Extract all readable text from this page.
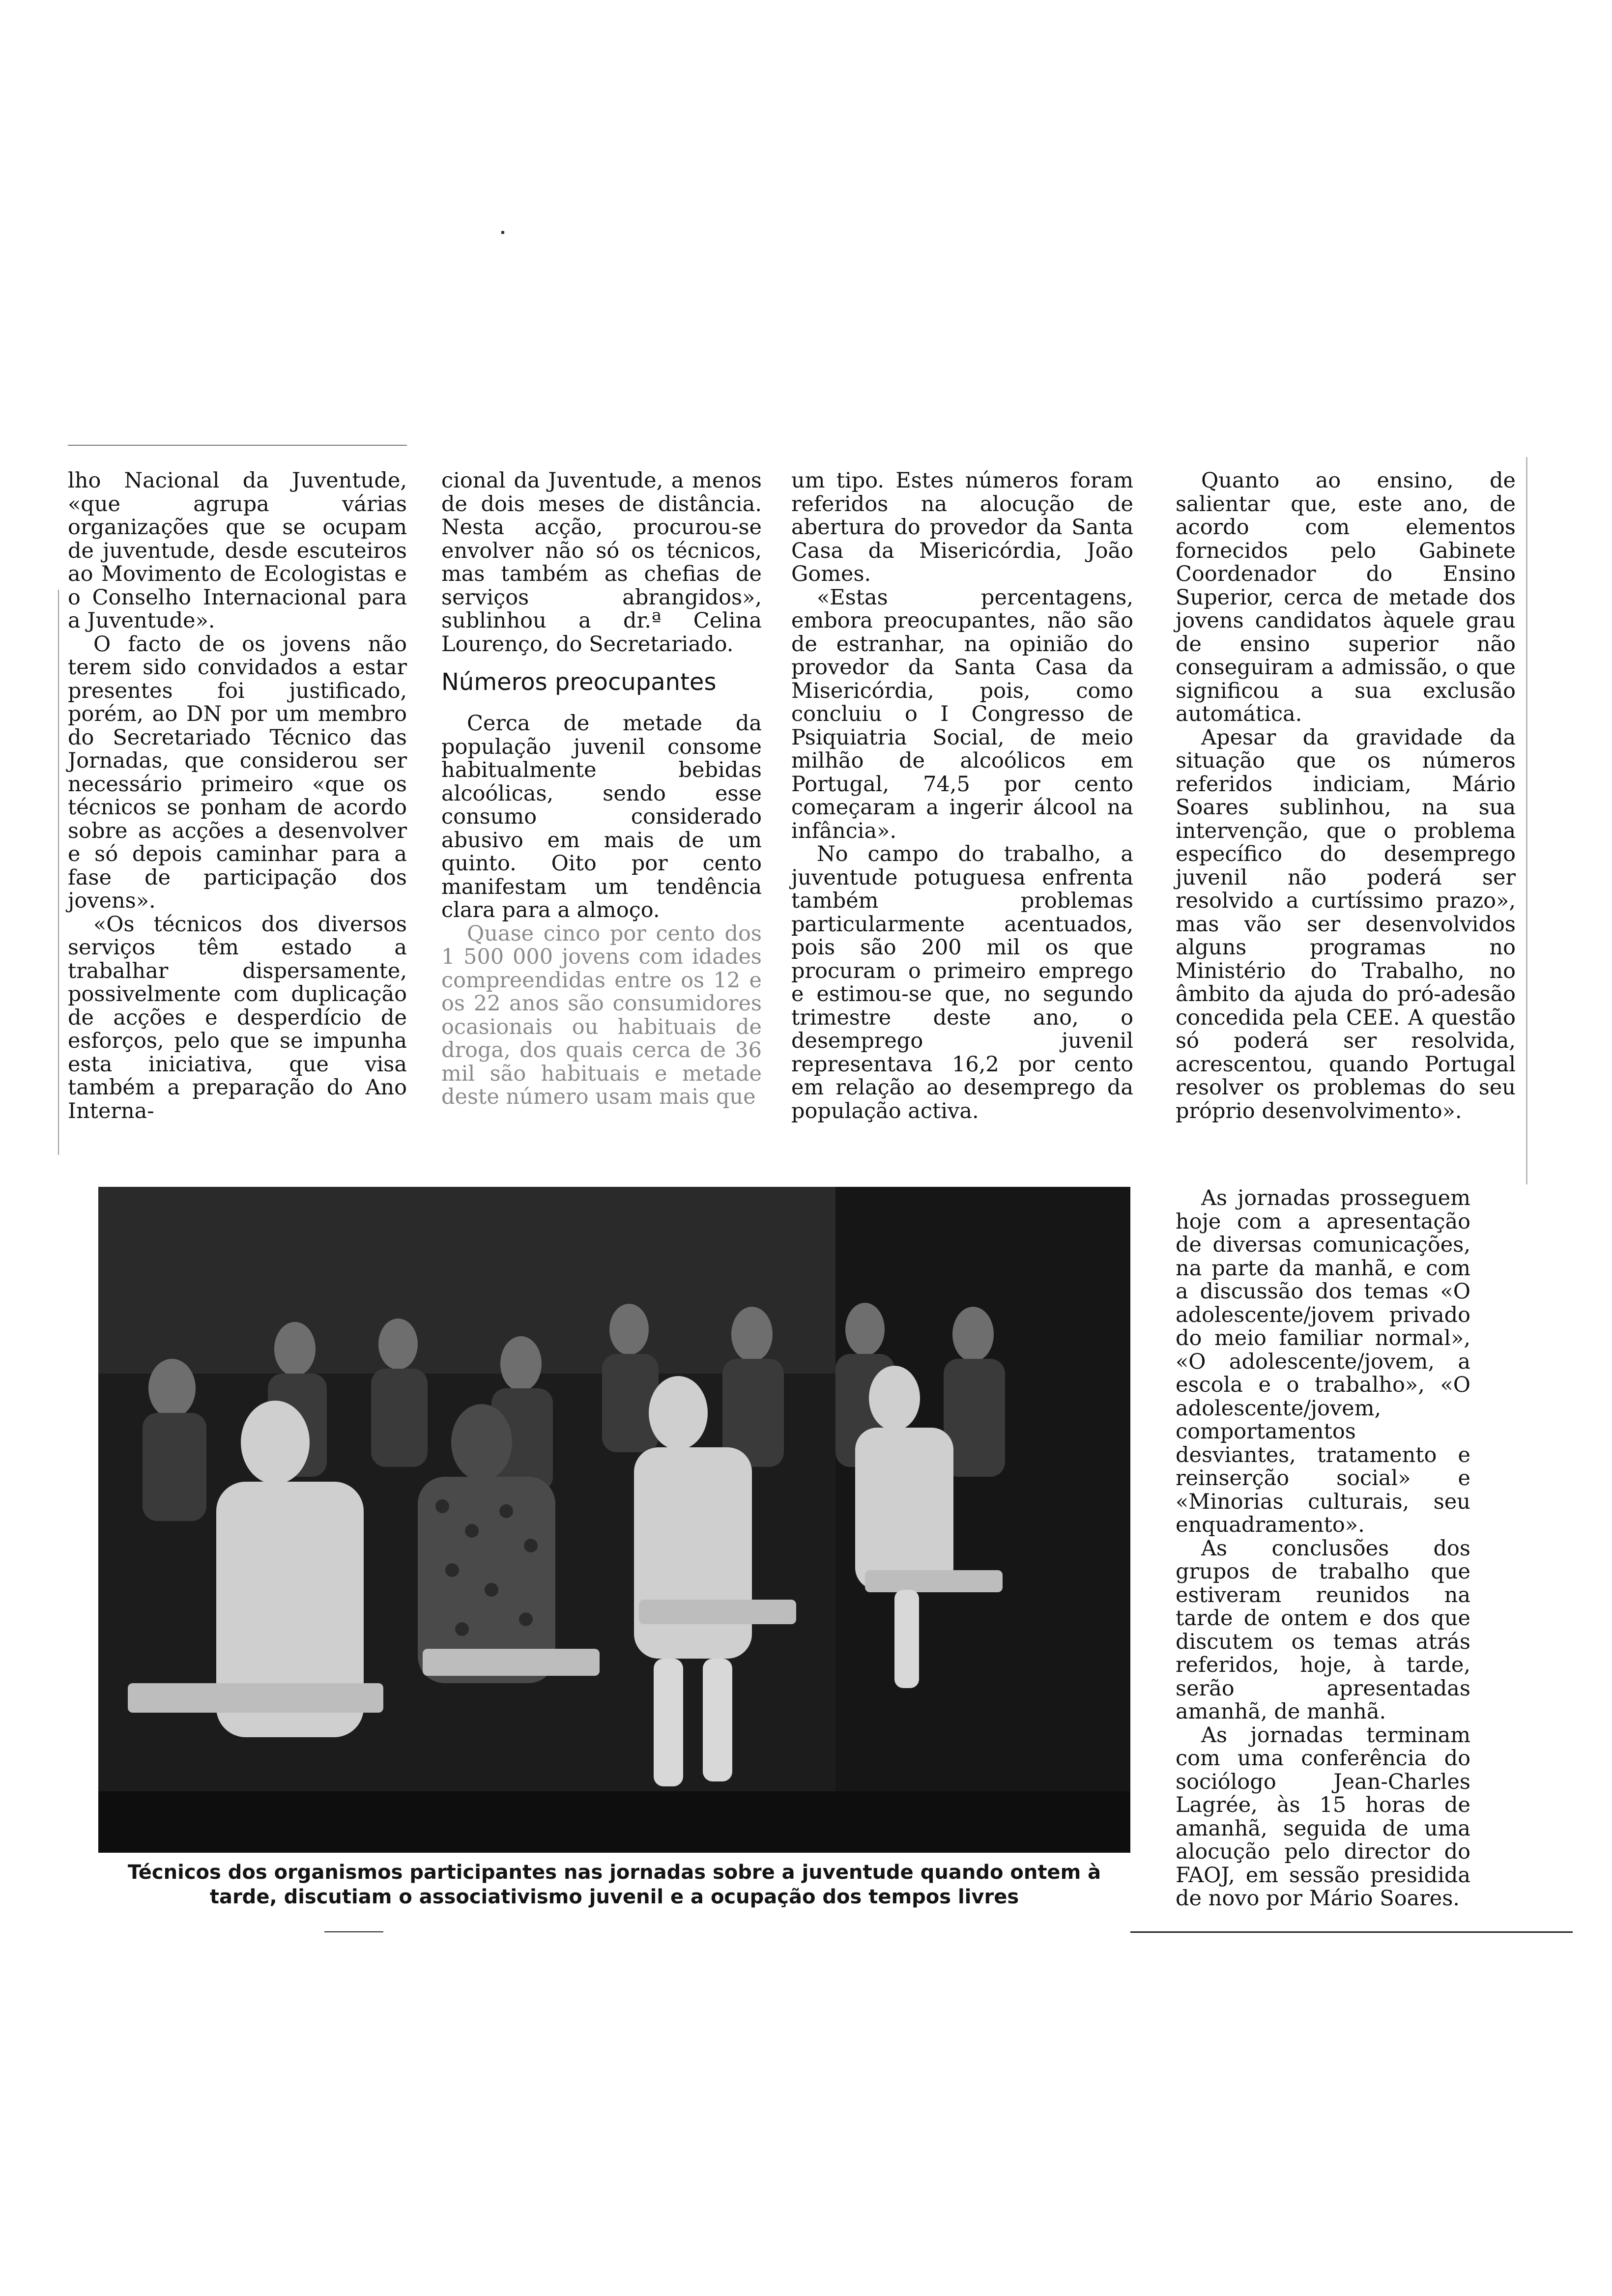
lho Nacional da Juventude, «que agrupa várias organizações que se ocupam de juventude, desde escuteiros ao Movimento de Ecologistas e o Conselho Internacional para a Juventude».

O facto de os jovens não terem sido convidados a estar presentes foi justificado, porém, ao DN por um membro do Secretariado Técnico das Jornadas, que considerou ser necessário primeiro «que os técnicos se ponham de acordo sobre as acções a desenvolver e só depois caminhar para a fase de participação dos jovens».

«Os técnicos dos diversos serviços têm estado a trabalhar dispersamente, possivelmente com duplicação de acções e desperdício de esforços, pelo que se impunha esta iniciativa, que visa também a preparação do Ano Interna-

cional da Juventude, a menos de dois meses de distância. Nesta acção, procurou-se envolver não só os técnicos, mas também as chefias de serviços abrangidos», sublinhou a dr.ª Celina Lourenço, do Secretariado.

Números preocupantes

Cerca de metade da população juvenil consome habitualmente bebidas alcoólicas, sendo esse consumo considerado abusivo em mais de um quinto. Oito por cento manifestam um tendência clara para a almoço.

Quase cinco por cento dos 1 500 000 jovens com idades compreendidas entre os 12 e os 22 anos são consumidores ocasionais ou habituais de droga, dos quais cerca de 36 mil são habituais e metade deste número usam mais que

um tipo. Estes números foram referidos na alocução de abertura do provedor da Santa Casa da Misericórdia, João Gomes.

«Estas percentagens, embora preocupantes, não são de estranhar, na opinião do provedor da Santa Casa da Misericórdia, pois, como concluiu o I Congresso de Psiquiatria Social, de meio milhão de alcoólicos em Portugal, 74,5 por cento começaram a ingerir álcool na infância».

No campo do trabalho, a juventude potuguesa enfrenta também problemas particularmente acentuados, pois são 200 mil os que procuram o primeiro emprego e estimou-se que, no segundo trimestre deste ano, o desemprego juvenil representava 16,2 por cento em relação ao desemprego da população activa.

Quanto ao ensino, de salientar que, este ano, de acordo com elementos fornecidos pelo Gabinete Coordenador do Ensino Superior, cerca de metade dos jovens candidatos àquele grau de ensino superior não conseguiram a admissão, o que significou a sua exclusão automática.

Apesar da gravidade da situação que os números referidos indiciam, Mário Soares sublinhou, na sua intervenção, que o problema específico do desemprego juvenil não poderá ser resolvido a curtíssimo prazo», mas vão ser desenvolvidos alguns programas no Ministério do Trabalho, no âmbito da ajuda do pró-adesão concedida pela CEE. A questão só poderá ser resolvida, acrescentou, quando Portugal resolver os problemas do seu próprio desenvolvimento».

As jornadas prosseguem hoje com a apresentação de diversas comunicações, na parte da manhã, e com a discussão dos temas «O adolescente/jovem privado do meio familiar normal», «O adolescente/jovem, a escola e o trabalho», «O adolescente/jovem, comportamentos desviantes, tratamento e reinserção social» e «Minorias culturais, seu enquadramento».

As conclusões dos grupos de trabalho que estiveram reunidos na tarde de ontem e dos que discutem os temas atrás referidos, hoje, à tarde, serão apresentadas amanhã, de manhã.

As jornadas terminam com uma conferência do sociólogo Jean-Charles Lagrée, às 15 horas de amanhã, seguida de uma alocução pelo director do FAOJ, em sessão presidida de novo por Mário Soares.

Técnicos dos organismos participantes nas jornadas sobre a juventude quando ontem à tarde, discutiam o associativismo juvenil e a ocupação dos tempos livres
